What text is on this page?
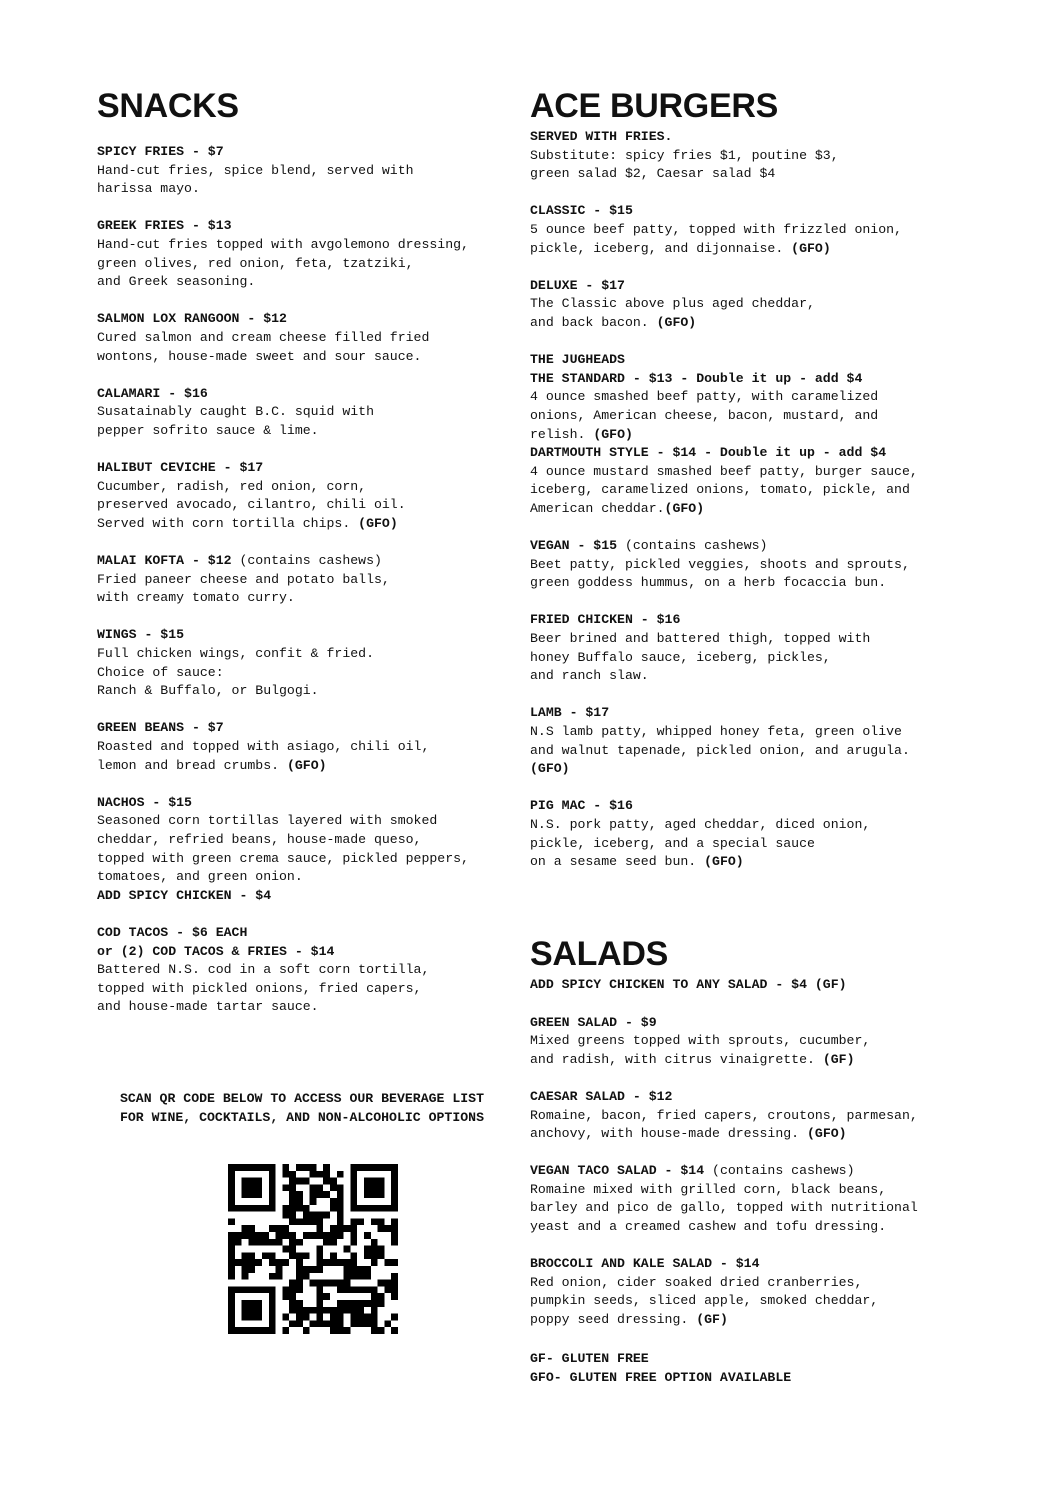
SNACKS
SPICY FRIES - $7
Hand-cut fries, spice blend, served with
harissa mayo.
GREEK FRIES - $13
Hand-cut fries topped with avgolemono dressing,
green olives, red onion, feta, tzatziki,
and Greek seasoning.
SALMON LOX RANGOON - $12
Cured salmon and cream cheese filled fried
wontons, house-made sweet and sour sauce.
CALAMARI - $16
Susatainably caught B.C. squid with
pepper sofrito sauce & lime.
HALIBUT CEVICHE - $17
Cucumber, radish, red onion, corn,
preserved avocado, cilantro, chili oil.
Served with corn tortilla chips. (GFO)
MALAI KOFTA - $12 (contains cashews)
Fried paneer cheese and potato balls,
with creamy tomato curry.
WINGS - $15
Full chicken wings, confit & fried.
Choice of sauce:
Ranch & Buffalo, or Bulgogi.
GREEN BEANS - $7
Roasted and topped with asiago, chili oil,
lemon and bread crumbs. (GFO)
NACHOS - $15
Seasoned corn tortillas layered with smoked
cheddar, refried beans, house-made queso,
topped with green crema sauce, pickled peppers,
tomatoes, and green onion.
ADD SPICY CHICKEN - $4
COD TACOS - $6 EACH
or (2) COD TACOS & FRIES - $14
Battered N.S. cod in a soft corn tortilla,
topped with pickled onions, fried capers,
and house-made tartar sauce.
SCAN QR CODE BELOW TO ACCESS OUR BEVERAGE LIST
FOR WINE, COCKTAILS, AND NON-ALCOHOLIC OPTIONS
ACE BURGERS
SERVED WITH FRIES.
Substitute: spicy fries $1, poutine $3,
green salad $2, Caesar salad $4
CLASSIC - $15
5 ounce beef patty, topped with frizzled onion,
pickle, iceberg, and dijonnaise. (GFO)
DELUXE - $17
The Classic above plus aged cheddar,
and back bacon. (GFO)
THE JUGHEADS
THE STANDARD - $13 - Double it up - add $4
4 ounce smashed beef patty, with caramelized
onions, American cheese, bacon, mustard, and
relish. (GFO)
DARTMOUTH STYLE - $14 - Double it up - add $4
4 ounce mustard smashed beef patty, burger sauce,
iceberg, caramelized onions, tomato, pickle, and
American cheddar.(GFO)
VEGAN - $15 (contains cashews)
Beet patty, pickled veggies, shoots and sprouts,
green goddess hummus, on a herb focaccia bun.
FRIED CHICKEN - $16
Beer brined and battered thigh, topped with
honey Buffalo sauce, iceberg, pickles,
and ranch slaw.
LAMB - $17
N.S lamb patty, whipped honey feta, green olive
and walnut tapenade, pickled onion, and arugula.
(GFO)
PIG MAC - $16
N.S. pork patty, aged cheddar, diced onion,
pickle, iceberg, and a special sauce
on a sesame seed bun. (GFO)
SALADS
ADD SPICY CHICKEN TO ANY SALAD - $4 (GF)
GREEN SALAD - $9
Mixed greens topped with sprouts, cucumber,
and radish, with citrus vinaigrette. (GF)
CAESAR SALAD - $12
Romaine, bacon, fried capers, croutons, parmesan,
anchovy, with house-made dressing. (GFO)
VEGAN TACO SALAD - $14 (contains cashews)
Romaine mixed with grilled corn, black beans,
barley and pico de gallo, topped with nutritional
yeast and a creamed cashew and tofu dressing.
BROCCOLI AND KALE SALAD - $14
Red onion, cider soaked dried cranberries,
pumpkin seeds, sliced apple, smoked cheddar,
poppy seed dressing. (GF)
GF- GLUTEN FREE
GFO- GLUTEN FREE OPTION AVAILABLE
